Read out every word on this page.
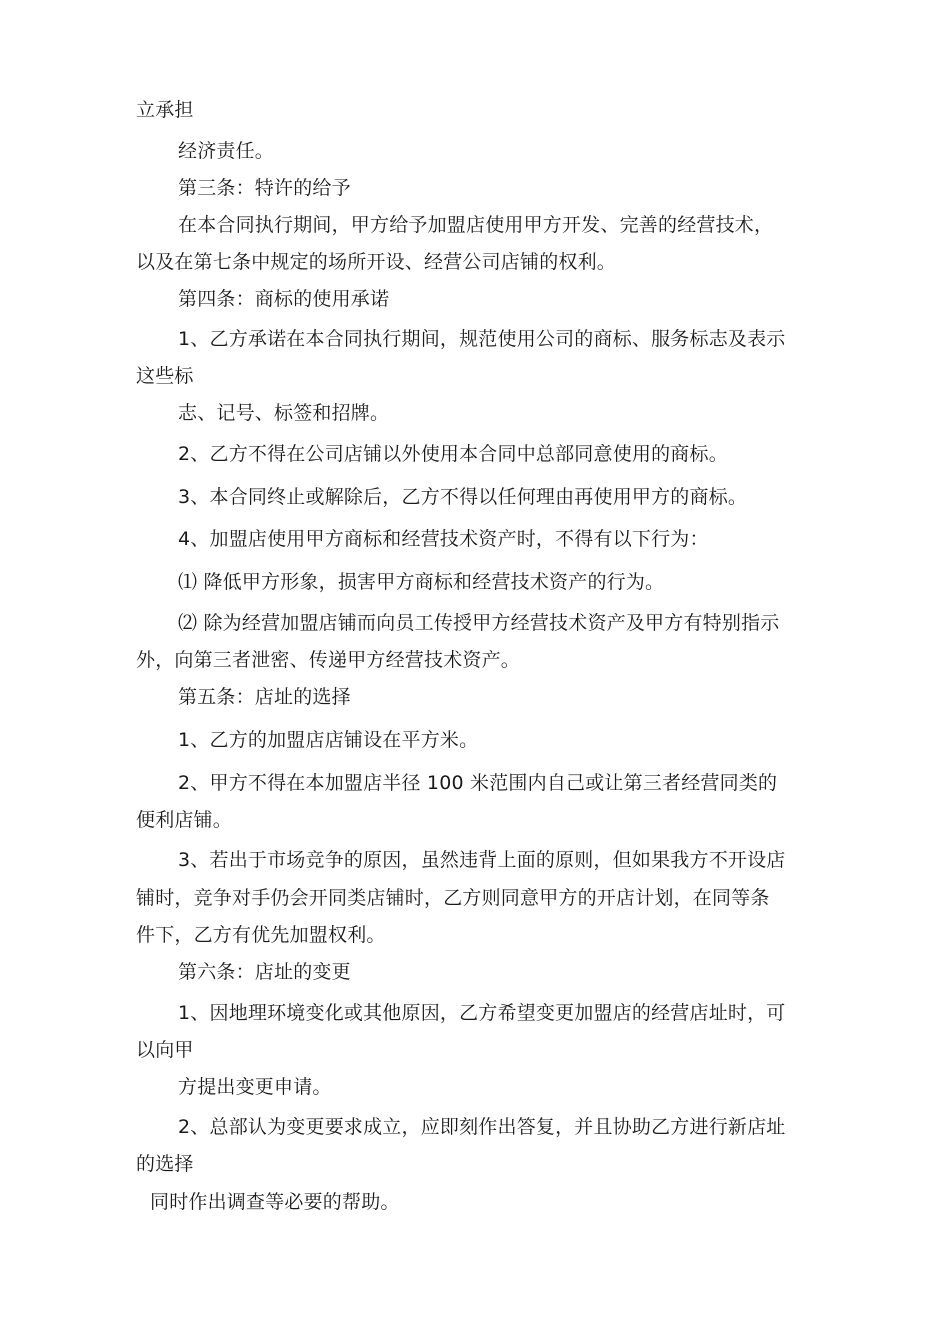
立承担
经济责任。
第三条：特许的给予
在本合同执行期间，甲方给予加盟店使用甲方开发、完善的经营技术，
以及在第七条中规定的场所开设、经营公司店铺的权利。
第四条：商标的使用承诺
1、乙方承诺在本合同执行期间，规范使用公司的商标、服务标志及表示
这些标
志、记号、标签和招牌。
2、乙方不得在公司店铺以外使用本合同中总部同意使用的商标。
3、本合同终止或解除后，乙方不得以任何理由再使用甲方的商标。
4、加盟店使用甲方商标和经营技术资产时，不得有以下行为：
⑴ 降低甲方形象，损害甲方商标和经营技术资产的行为。
⑵ 除为经营加盟店铺而向员工传授甲方经营技术资产及甲方有特别指示
外，向第三者泄密、传递甲方经营技术资产。
第五条：店址的选择
1、乙方的加盟店店铺设在平方米。
2、甲方不得在本加盟店半径 100 米范围内自己或让第三者经营同类的
便利店铺。
3、若出于市场竞争的原因，虽然违背上面的原则，但如果我方不开设店
铺时，竞争对手仍会开同类店铺时，乙方则同意甲方的开店计划，在同等条
件下，乙方有优先加盟权利。
第六条：店址的变更
1、因地理环境变化或其他原因，乙方希望变更加盟店的经营店址时，可
以向甲
方提出变更申请。
2、总部认为变更要求成立，应即刻作出答复，并且协助乙方进行新店址
的选择
同时作出调查等必要的帮助。
